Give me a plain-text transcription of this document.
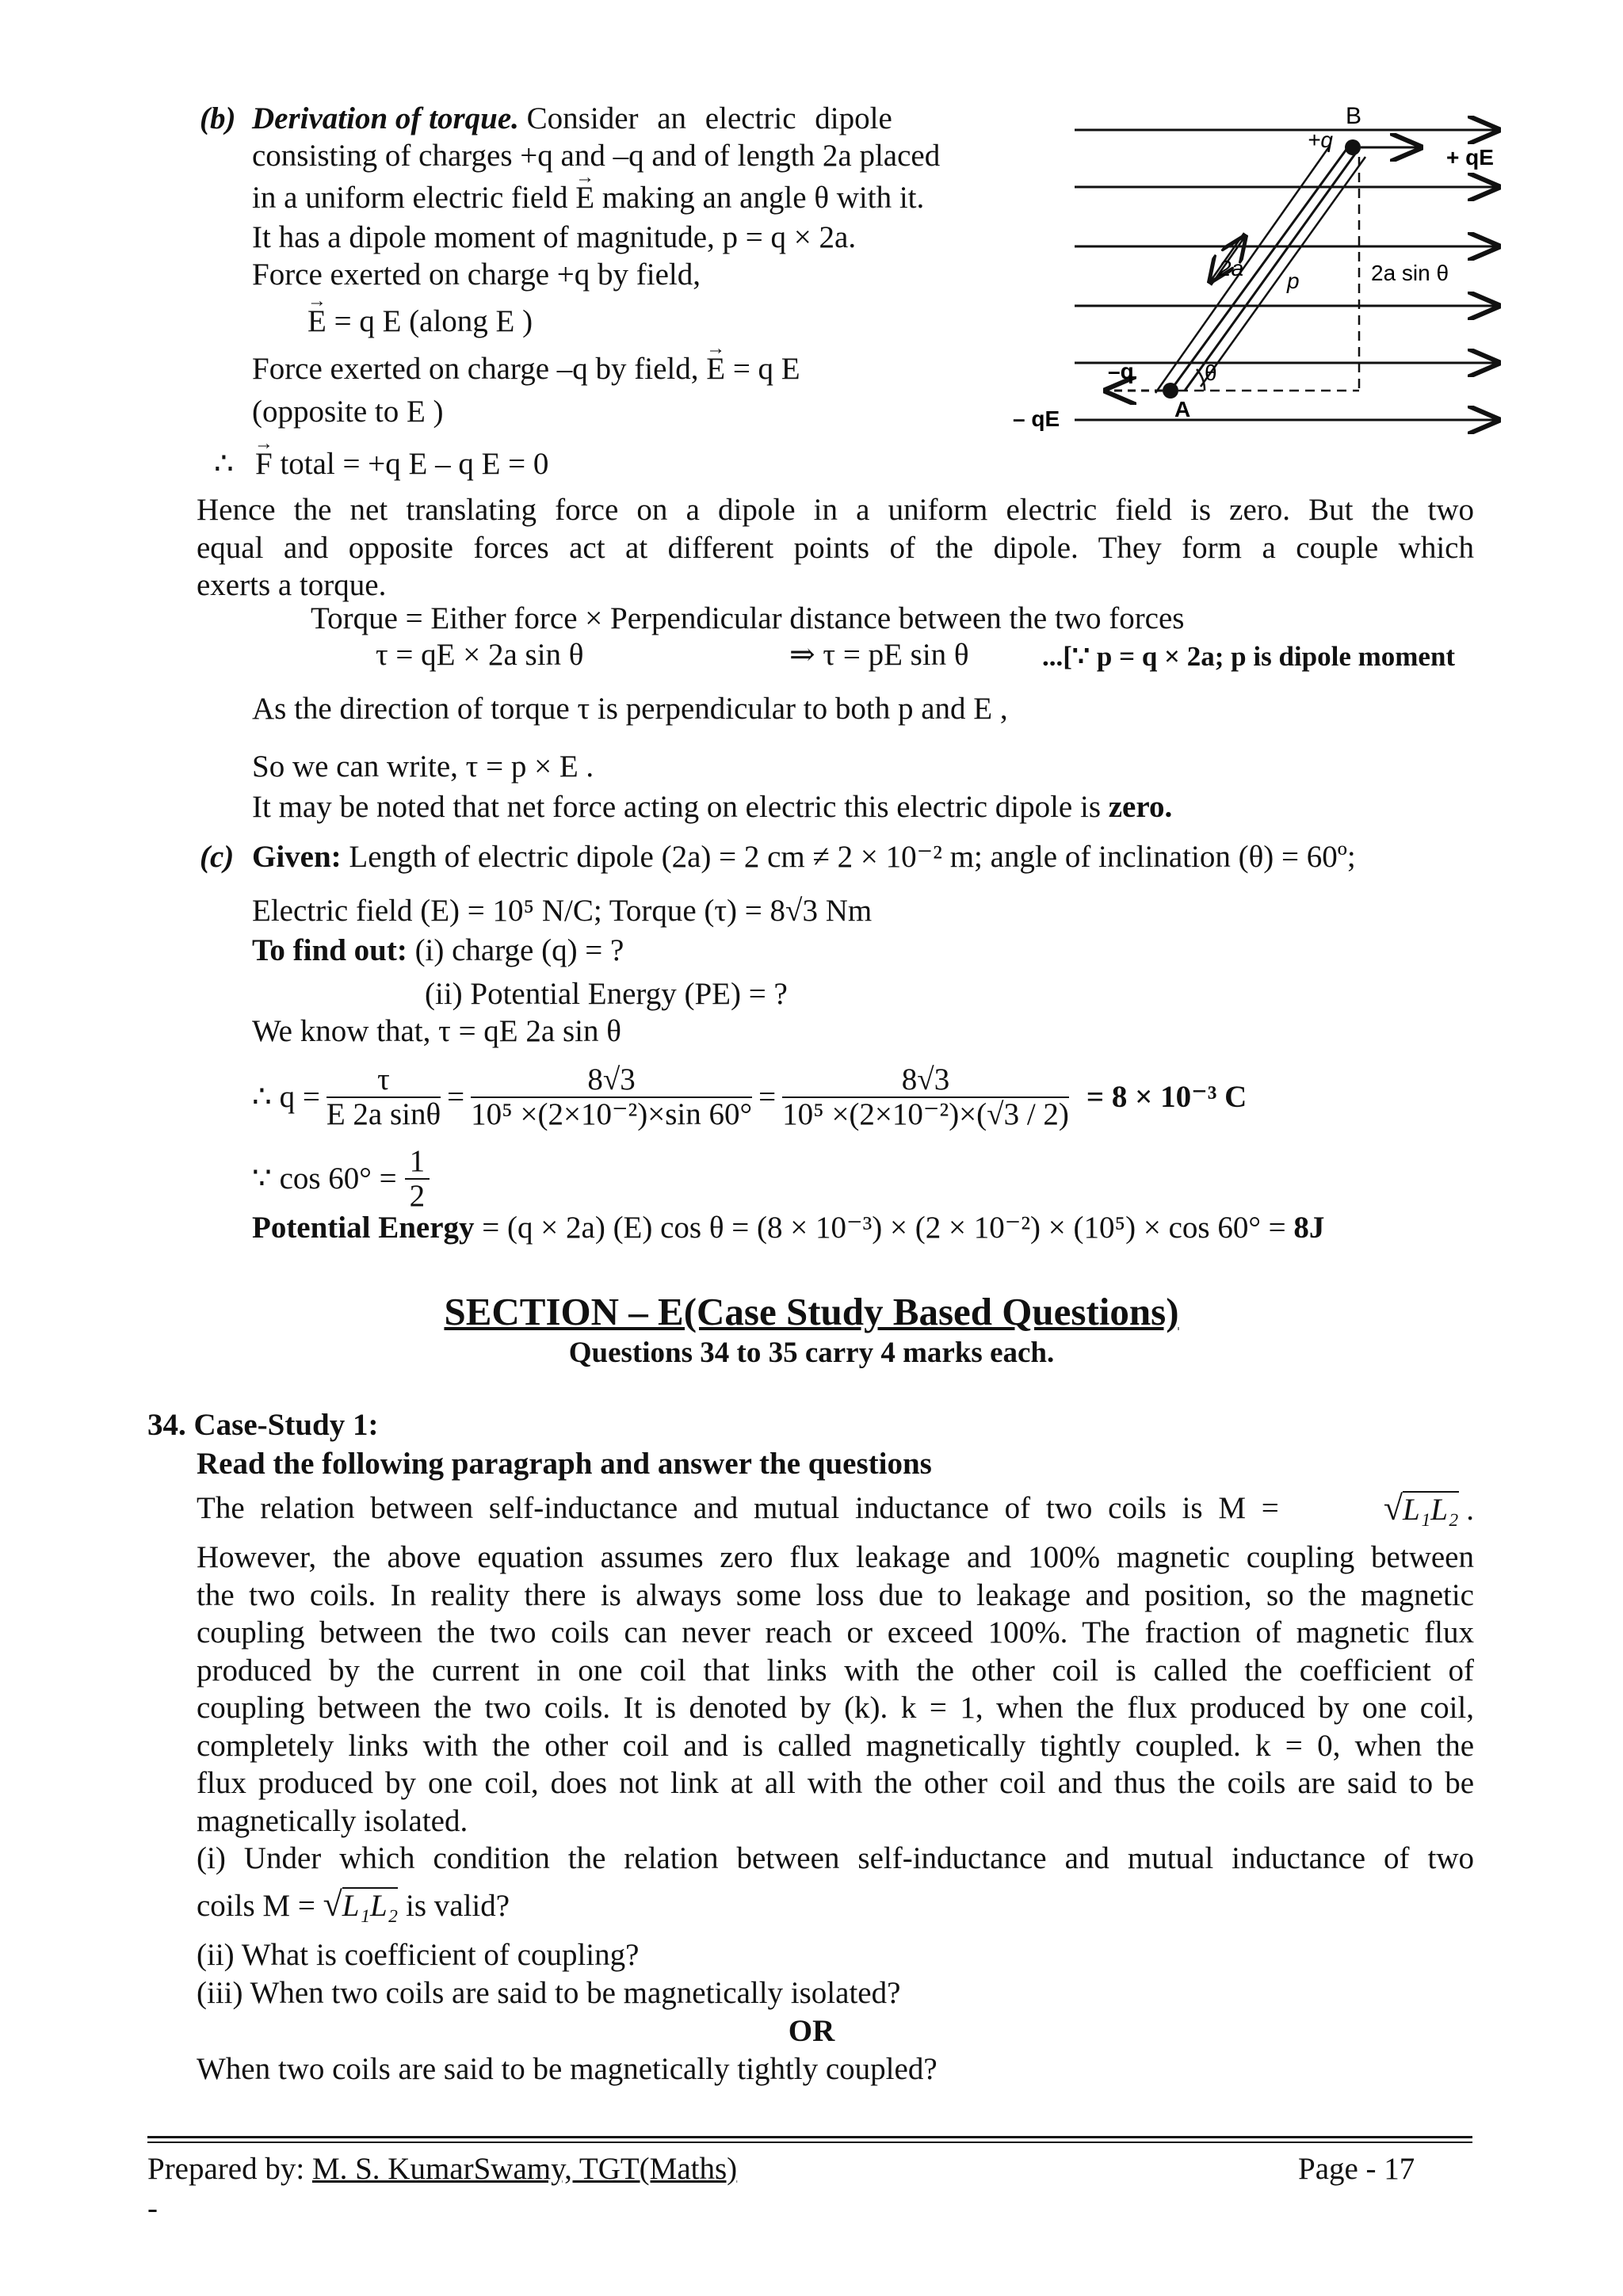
(b) Derivation of torque. Consider an electric dipole
consisting of charges +q and –q and of length 2a placed
in a uniform electric field → E making an angle θ with it.
It has a dipole moment of magnitude, p = q × 2a.
Force exerted on charge +q by field,
→ E = q E (along E )
Force exerted on charge –q by field, → E = q E
(opposite to E )
∴ → F total = +q E – q E = 0
Hence the net translating force on a dipole in a uniform electric field is zero. But the two
equal and opposite forces act at different points of the dipole. They form a couple which
exerts a torque.
Torque = Either force × Perpendicular distance between the two forces
τ = qE × 2a sin θ	⇒ τ = pE sin θ	...[∵ p = q × 2a; p is dipole moment
As the direction of torque τ is perpendicular to both p and E ,
So we can write, τ = p × E .
It may be noted that net force acting on electric this electric dipole is zero.
B
+q
+ qE
2a
p	2a sin θ
–q	θ
A
– qE
(c) Given: Length of electric dipole (2a) = 2 cm ≠ 2 × 10⁻² m; angle of inclination (θ) = 60º;
Electric field (E) = 10⁵ N/C; Torque (τ) = 8√3 Nm
To find out: (i) charge (q) = ?
(ii) Potential Energy (PE) = ?
We know that, τ = qE 2a sin θ
∴ $q = \frac{\tau}{\text{E 2a sinθ}} = \frac{8√3}{\text{10⁵ ×(2×10⁻²)×sin 60°}} = \frac{8√3}{\text{10⁵ ×(2×10⁻²)×(√3 / 2)}} = 8 \times 10^{-3}$ C
∵ $\cos 60^\circ = \frac{1}{2}$
Potential Energy = (q × 2a) (E) cos θ = (8 × 10⁻³) × (2 × 10⁻²) × (10⁵) × cos 60° = 8J
SECTION – E(Case Study Based Questions)
Questions 34 to 35 carry 4 marks each.
34. Case-Study 1:
Read the following paragraph and answer the questions
The relation between self-inductance and mutual inductance of two coils is M =	√L₁L₂ .
However, the above equation assumes zero flux leakage and 100% magnetic coupling between
the two coils. In reality there is always some loss due to leakage and position, so the magnetic
coupling between the two coils can never reach or exceed 100%. The fraction of magnetic flux
produced by the current in one coil that links with the other coil is called the coefficient of
coupling between the two coils. It is denoted by (k). k = 1, when the flux produced by one coil,
completely links with the other coil and is called magnetically tightly coupled. k = 0, when the
flux produced by one coil, does not link at all with the other coil and thus the coils are said to be
magnetically isolated.
(i) Under which condition the relation between self-inductance and mutual inductance of two
coils M = √L₁L₂ is valid?
(ii) What is coefficient of coupling?
(iii) When two coils are said to be magnetically isolated?
OR
When two coils are said to be magnetically tightly coupled?
Prepared by: M. S. KumarSwamy, TGT(Maths)	Page - 17
-
